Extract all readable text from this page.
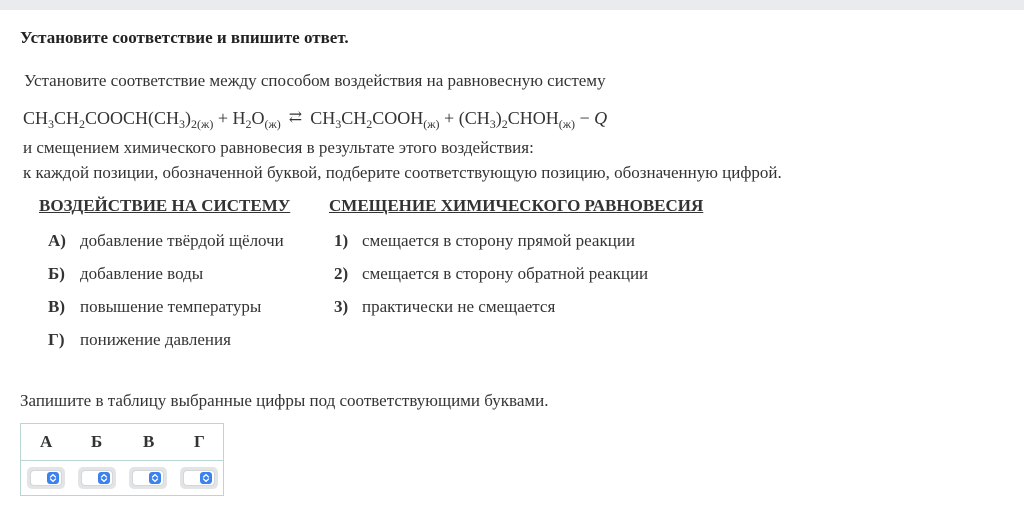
Установите соответствие и впишите ответ.
Установите соответствие между способом воздействия на равновесную систему
$CH_3CH_2COOCH(CH_3)_{2(ж)} + H_2O_{(ж)}$ ⇄ $CH_3CH_2COOH_{(ж)}$ + $(CH_3)_2CHOH_{(ж)} - Q$
и смещением химического равновесия в результате этого воздействия:
к каждой позиции, обозначенной буквой, подберите соответствующую позицию, обозначенную цифрой.
ВОЗДЕЙСТВИЕ НА СИСТЕМУ СМЕЩЕНИЕ ХИМИЧЕСКОГО РАВНОВЕСИЯ
А) добавление твёрдой щёлочи
Б) добавление воды
В) повышение температуры
Г) понижение давления
1) смещается в сторону прямой реакции
2) смещается в сторону обратной реакции
3) практически не смещается
Запишите в таблицу выбранные цифры под соответствующими буквами.
А Б В Г
